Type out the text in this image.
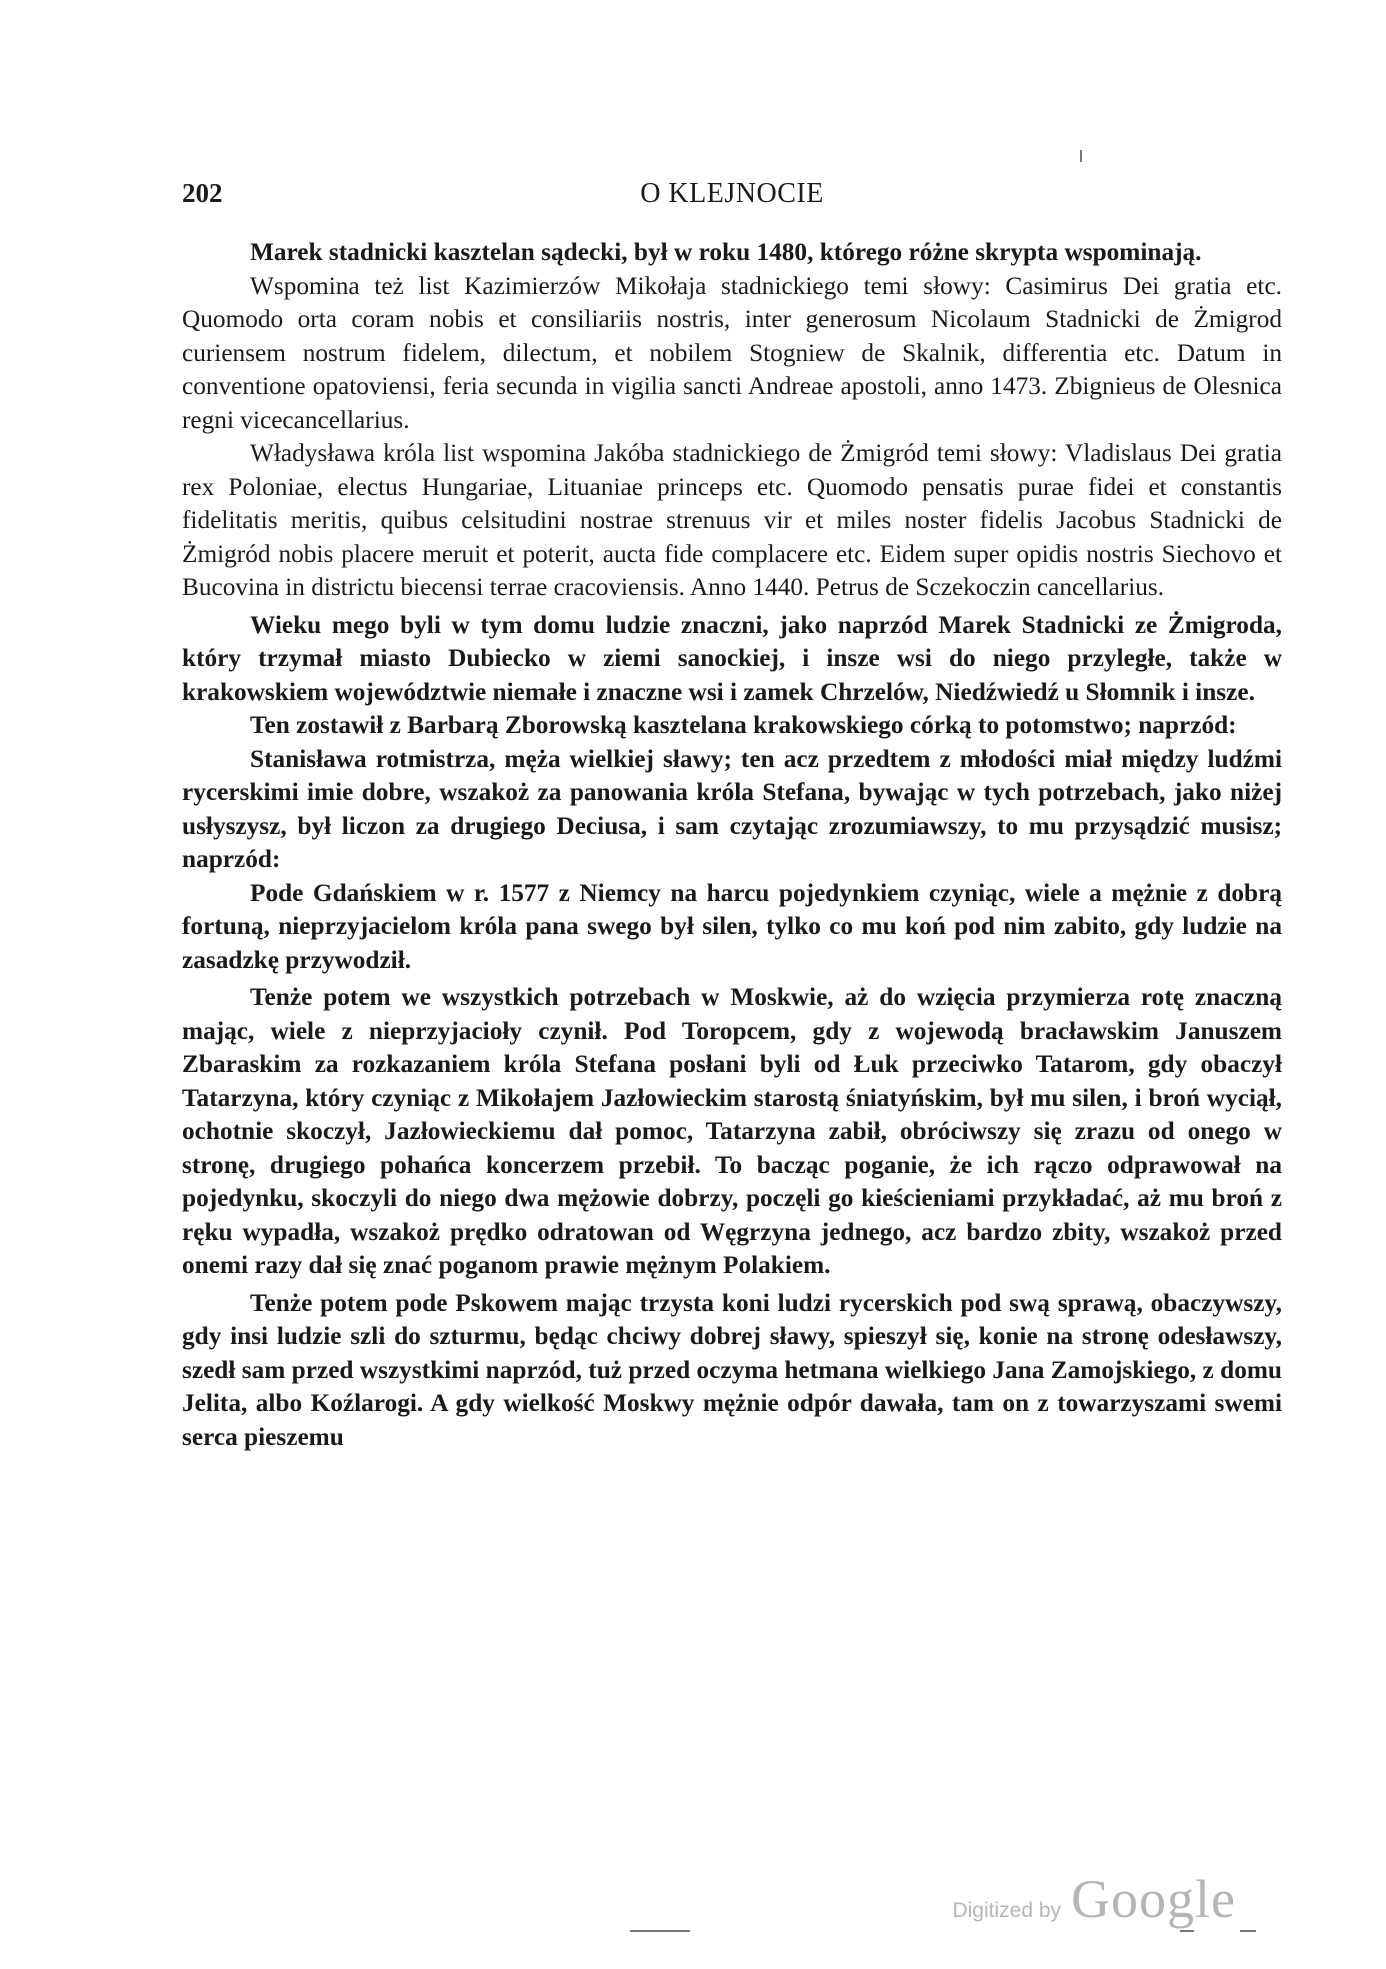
202	O KLEJNOCIE

Marek stadnicki kasztelan sądecki, był w roku 1480, którego różne skrypta wspominają.

Wspomina też list Kazimierzów Mikołaja stadnickiego temi słowy: Casimirus Dei gratia etc. Quomodo orta coram nobis et consiliariis nostris, inter generosum Nicolaum Stadnicki de Żmigrod curiensem nostrum fidelem, dilectum, et nobilem Stogniew de Skalnik, differentia etc. Datum in conventione opatoviensi, feria secunda in vigilia sancti Andreae apostoli, anno 1473. Zbignieus de Olesnica regni vicecancellarius.

Władysława króla list wspomina Jakóba stadnickiego de Żmigród temi słowy: Vladislaus Dei gratia rex Poloniae, electus Hungariae, Lituaniae princeps etc. Quomodo pensatis purae fidei et constantis fidelitatis meritis, quibus celsitudini nostrae strenuus vir et miles noster fidelis Jacobus Stadnicki de Żmigród nobis placere meruit et poterit, aucta fide complacere etc. Eidem super opidis nostris Siechovo et Bucovina in districtu biecensi terrae cracoviensis. Anno 1440. Petrus de Sczekoczin cancellarius.

Wieku mego byli w tym domu ludzie znaczni, jako naprzód Marek Stadnicki ze Żmigroda, który trzymał miasto Dubiecko w ziemi sanockiej, i insze wsi do niego przyległe, także w krakowskiem województwie niemałe i znaczne wsi i zamek Chrzelów, Niedźwiedź u Słomnik i insze.

Ten zostawił z Barbarą Zborowską kasztelana krakowskiego córką to potomstwo; naprzód:

Stanisława rotmistrza, męża wielkiej sławy; ten acz przedtem z młodości miał między ludźmi rycerskimi imie dobre, wszakoż za panowania króla Stefana, bywając w tych potrzebach, jako niżej usłyszysz, był liczon za drugiego Deciusa, i sam czytając zrozumiawszy, to mu przysądzić musisz; naprzód:

Pode Gdańskiem w r. 1577 z Niemcy na harcu pojedynkiem czyniąc, wiele a mężnie z dobrą fortuną, nieprzyjacielom króla pana swego był silen, tylko co mu koń pod nim zabito, gdy ludzie na zasadzkę przywodził.

Tenże potem we wszystkich potrzebach w Moskwie, aż do wzięcia przymierza rotę znaczną mając, wiele z nieprzyjacioły czynił. Pod Toropcem, gdy z wojewodą bracławskim Januszem Zbaraskim za rozkazaniem króla Stefana posłani byli od Łuk przeciwko Tatarom, gdy obaczył Tatarzyna, który czyniąc z Mikołajem Jazłowieckim starostą śniatyńskim, był mu silen, i broń wyciął, ochotnie skoczył, Jazłowieckiemu dał pomoc, Tatarzyna zabił, obróciwszy się zrazu od onego w stronę, drugiego pohańca koncerzem przebił. To bacząc poganie, że ich rączo odprawował na pojedynku, skoczyli do niego dwa mężowie dobrzy, poczęli go kieścieniami przykładać, aż mu broń z ręku wypadła, wszakoż prędko odratowan od Węgrzyna jednego, acz bardzo zbity, wszakoż przed onemi razy dał się znać poganom prawie mężnym Polakiem.

Tenże potem pode Pskowem mając trzysta koni ludzi rycerskich pod swą sprawą, obaczywszy, gdy insi ludzie szli do szturmu, będąc chciwy dobrej sławy, spieszył się, konie na stronę odesławszy, szedł sam przed wszystkimi naprzód, tuż przed oczyma hetmana wielkiego Jana Zamojskiego, z domu Jelita, albo Koźlarogi. A gdy wielkość Moskwy mężnie odpór dawała, tam on z towarzyszami swemi serca pieszemu

Digitized by Google
